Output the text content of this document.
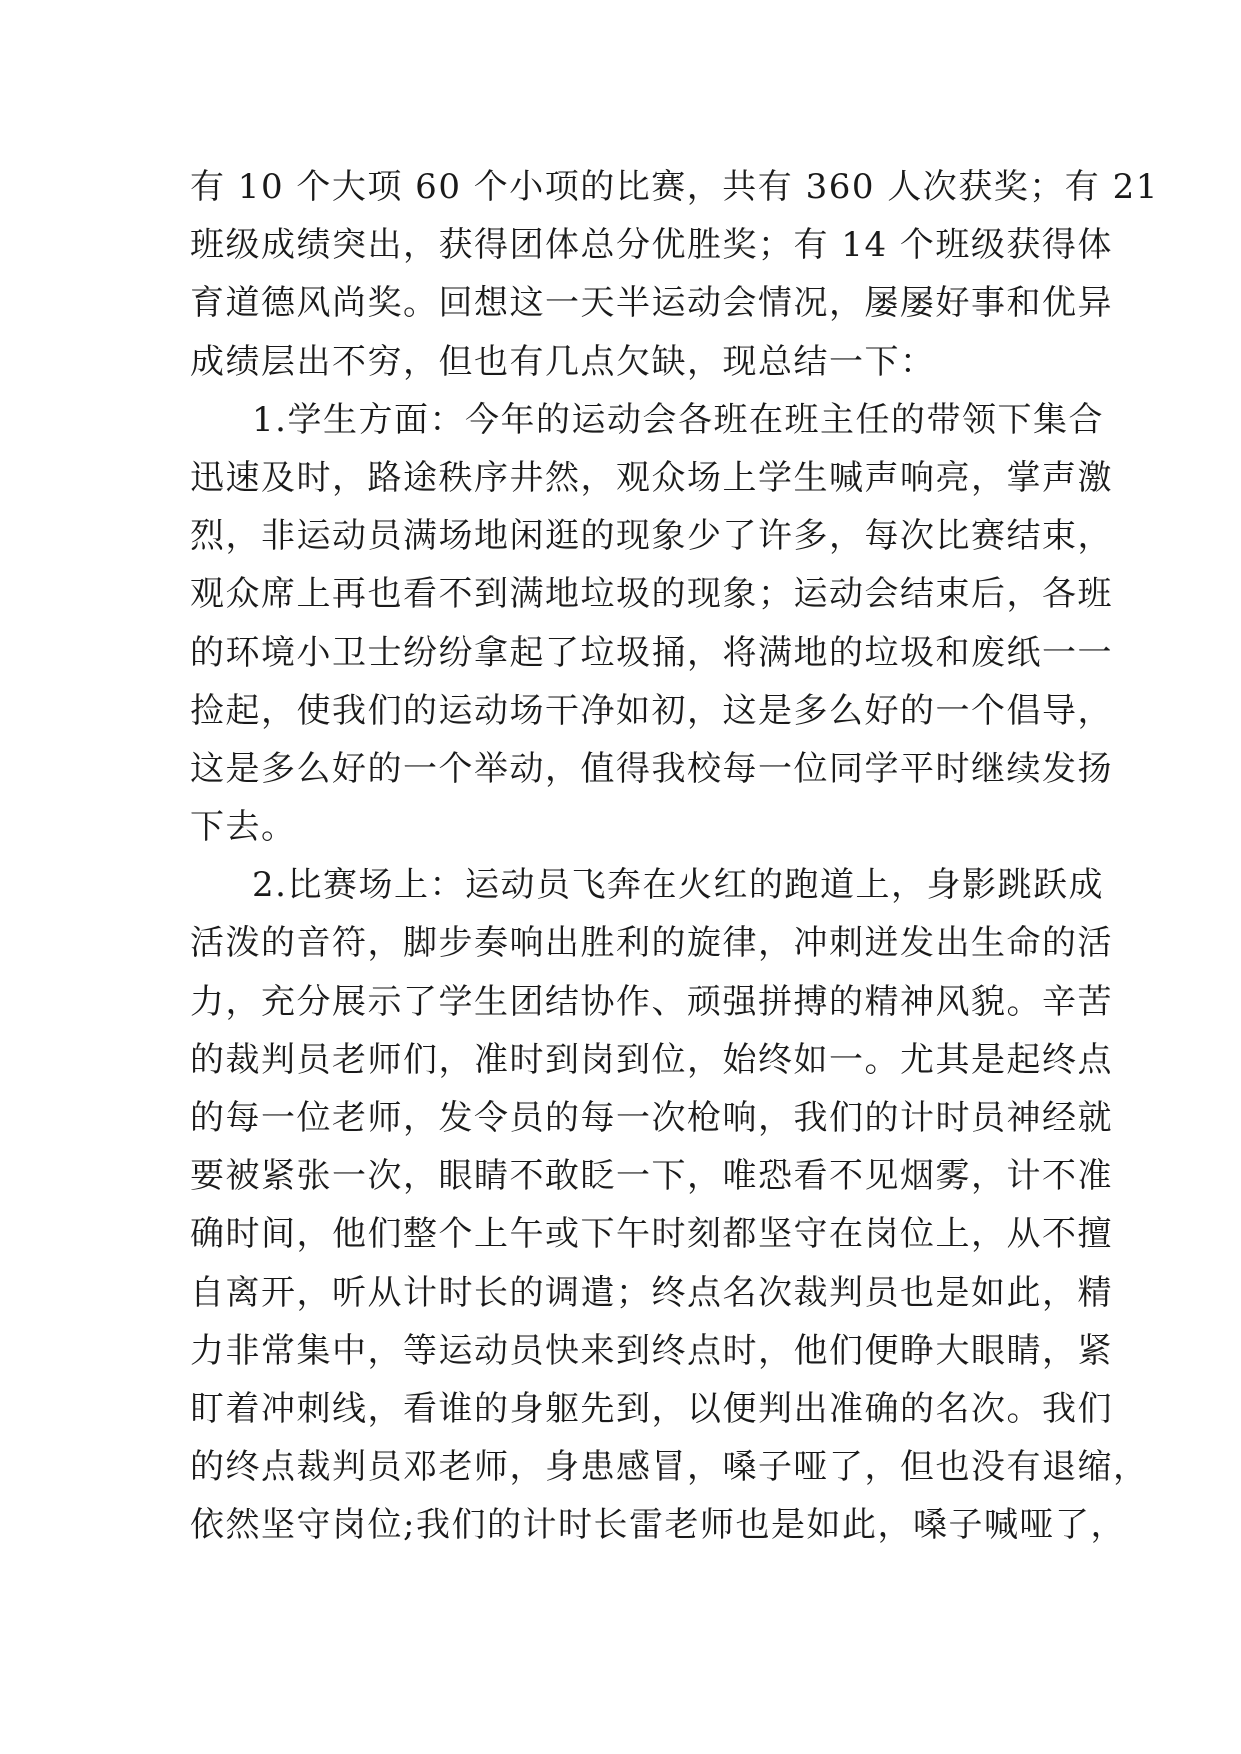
有 10 个大项 60 个小项的比赛，共有 360 人次获奖；有 21
班级成绩突出，获得团体总分优胜奖；有 14 个班级获得体
育道德风尚奖。回想这一天半运动会情况，屡屡好事和优异
成绩层出不穷，但也有几点欠缺，现总结一下：
1.学生方面：今年的运动会各班在班主任的带领下集合
迅速及时，路途秩序井然，观众场上学生喊声响亮，掌声激
烈，非运动员满场地闲逛的现象少了许多，每次比赛结束，
观众席上再也看不到满地垃圾的现象；运动会结束后，各班
的环境小卫士纷纷拿起了垃圾捅，将满地的垃圾和废纸一一
捡起，使我们的运动场干净如初，这是多么好的一个倡导，
这是多么好的一个举动，值得我校每一位同学平时继续发扬
下去。
2.比赛场上：运动员飞奔在火红的跑道上，身影跳跃成
活泼的音符，脚步奏响出胜利的旋律，冲刺迸发出生命的活
力，充分展示了学生团结协作、顽强拼搏的精神风貌。辛苦
的裁判员老师们，准时到岗到位，始终如一。尤其是起终点
的每一位老师，发令员的每一次枪响，我们的计时员神经就
要被紧张一次，眼睛不敢眨一下，唯恐看不见烟雾，计不准
确时间，他们整个上午或下午时刻都坚守在岗位上，从不擅
自离开，听从计时长的调遣；终点名次裁判员也是如此，精
力非常集中，等运动员快来到终点时，他们便睁大眼睛，紧
盯着冲刺线，看谁的身躯先到，以便判出准确的名次。我们
的终点裁判员邓老师，身患感冒，嗓子哑了，但也没有退缩，
依然坚守岗位;我们的计时长雷老师也是如此，嗓子喊哑了，
